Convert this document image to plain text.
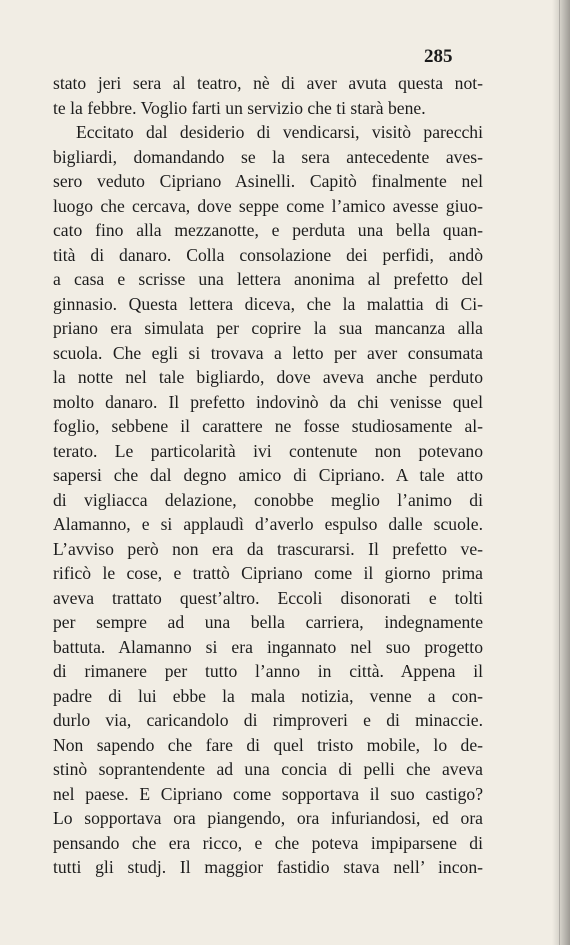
285
stato jeri sera al teatro, nè di aver avuta questa not-
te la febbre. Voglio farti un servizio che ti starà bene.
Eccitato dal desiderio di vendicarsi, visitò parecchi
bigliardi, domandando se la sera antecedente aves-
sero veduto Cipriano Asinelli. Capitò finalmente nel
luogo che cercava, dove seppe come l’amico avesse giuo-
cato fino alla mezzanotte, e perduta una bella quan-
tità di danaro. Colla consolazione dei perfidi, andò
a casa e scrisse una lettera anonima al prefetto del
ginnasio. Questa lettera diceva, che la malattia di Ci-
priano era simulata per coprire la sua mancanza alla
scuola. Che egli si trovava a letto per aver consumata
la notte nel tale bigliardo, dove aveva anche perduto
molto danaro. Il prefetto indovinò da chi venisse quel
foglio, sebbene il carattere ne fosse studiosamente al-
terato. Le particolarità ivi contenute non potevano
sapersi che dal degno amico di Cipriano. A tale atto
di vigliacca delazione, conobbe meglio l’animo di
Alamanno, e si applaudì d’averlo espulso dalle scuole.
L’avviso però non era da trascurarsi. Il prefetto ve-
rificò le cose, e trattò Cipriano come il giorno prima
aveva trattato quest’altro. Eccoli disonorati e tolti
per sempre ad una bella carriera, indegnamente
battuta. Alamanno si era ingannato nel suo progetto
di rimanere per tutto l’anno in città. Appena il
padre di lui ebbe la mala notizia, venne a con-
durlo via, caricandolo di rimproveri e di minaccie.
Non sapendo che fare di quel tristo mobile, lo de-
stinò soprantendente ad una concia di pelli che aveva
nel paese. E Cipriano come sopportava il suo castigo?
Lo sopportava ora piangendo, ora infuriandosi, ed ora
pensando che era ricco, e che poteva impiparsene di
tutti gli studj. Il maggior fastidio stava nell’ incon-
